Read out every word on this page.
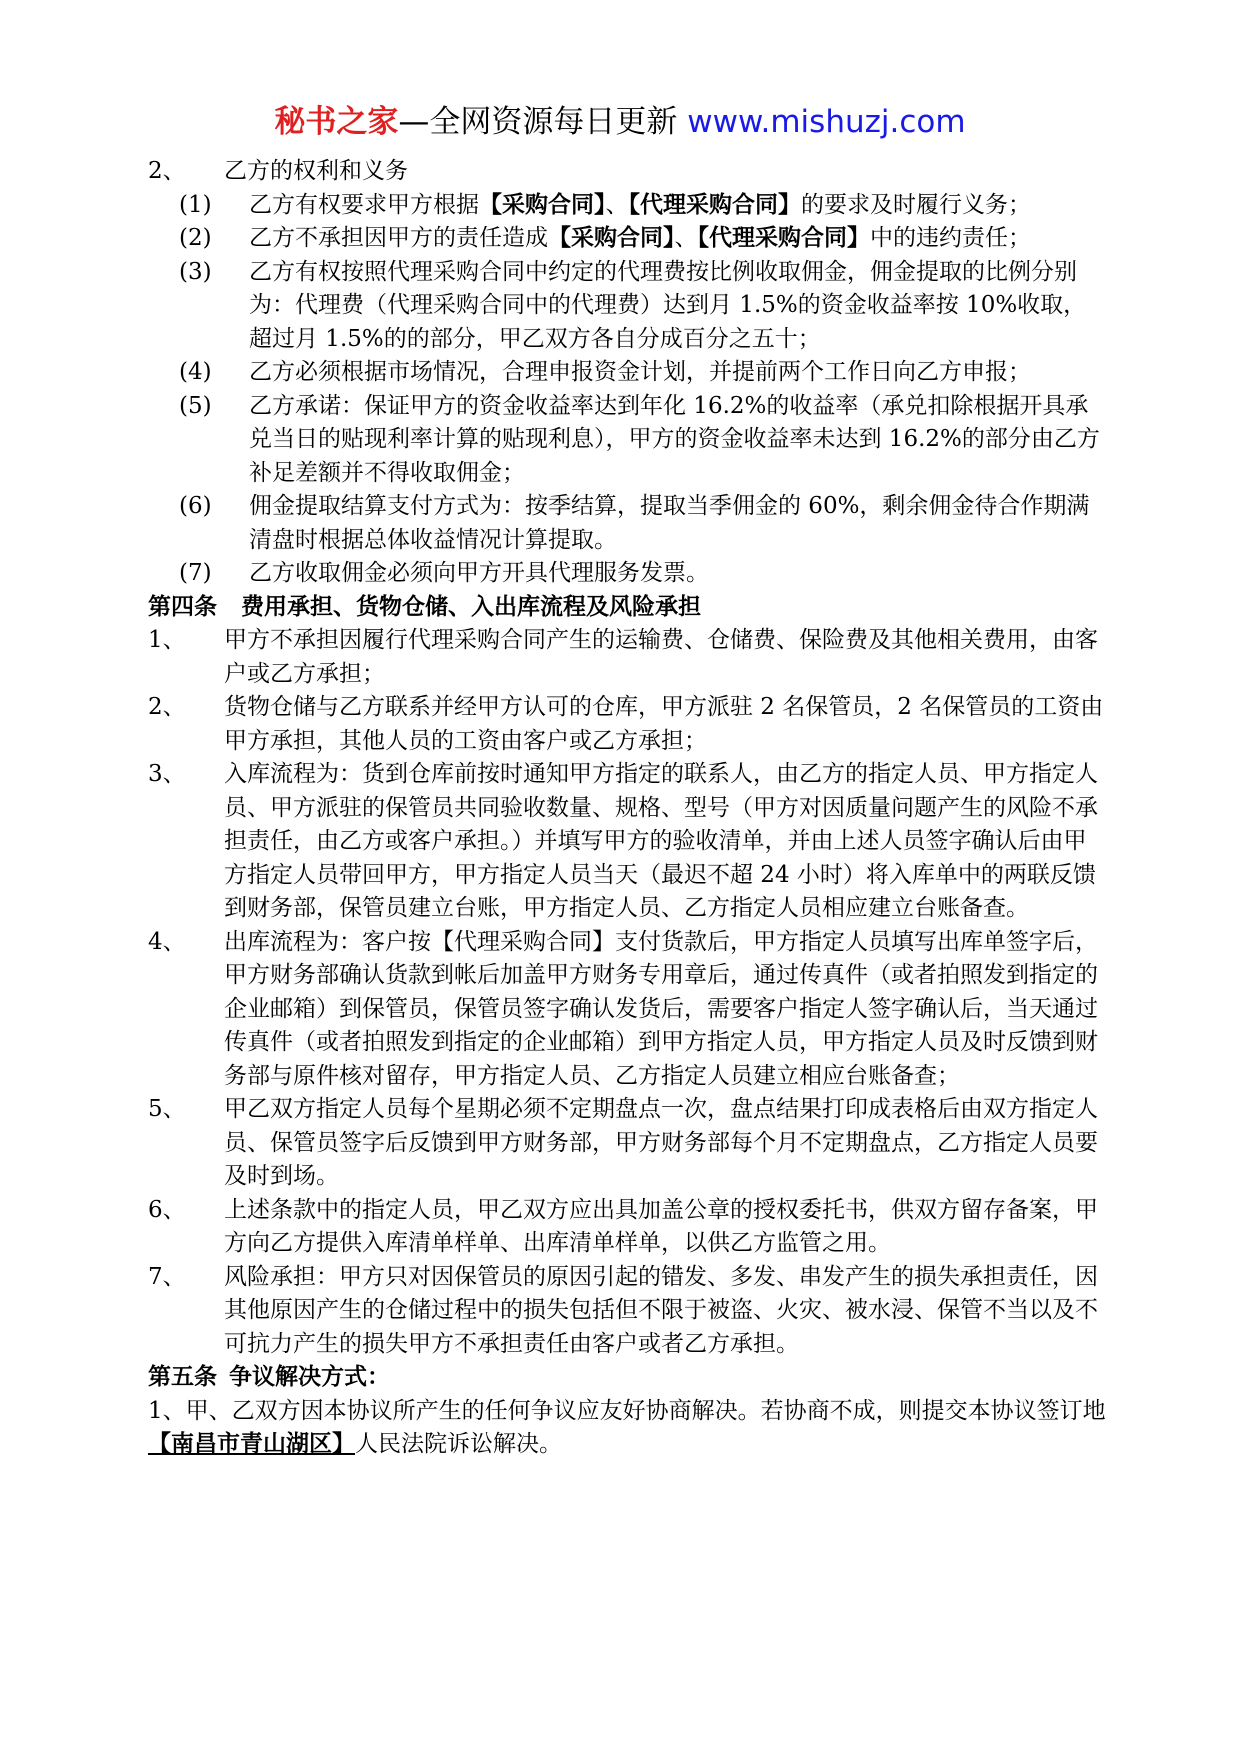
秘书之家—全网资源每日更新 www.mishuzj.com
2、	乙方的权利和义务
(1)	乙方有权要求甲方根据【采购合同】、【代理采购合同】的要求及时履行义务；
(2)	乙方不承担因甲方的责任造成【采购合同】、【代理采购合同】中的违约责任；
(3)	乙方有权按照代理采购合同中约定的代理费按比例收取佣金，佣金提取的比例分别为：代理费（代理采购合同中的代理费）达到月 1.5%的资金收益率按 10%收取，超过月 1.5%的的部分，甲乙双方各自分成百分之五十；
(4)	乙方必须根据市场情况，合理申报资金计划，并提前两个工作日向乙方申报；
(5)	乙方承诺：保证甲方的资金收益率达到年化 16.2%的收益率（承兑扣除根据开具承兑当日的贴现利率计算的贴现利息），甲方的资金收益率未达到 16.2%的部分由乙方补足差额并不得收取佣金；
(6)	佣金提取结算支付方式为：按季结算，提取当季佣金的 60%，剩余佣金待合作期满清盘时根据总体收益情况计算提取。
(7)	乙方收取佣金必须向甲方开具代理服务发票。
第四条 费用承担、货物仓储、入出库流程及风险承担
1、	甲方不承担因履行代理采购合同产生的运输费、仓储费、保险费及其他相关费用，由客户或乙方承担；
2、	货物仓储与乙方联系并经甲方认可的仓库，甲方派驻 2 名保管员，2 名保管员的工资由甲方承担，其他人员的工资由客户或乙方承担；
3、	入库流程为：货到仓库前按时通知甲方指定的联系人，由乙方的指定人员、甲方指定人员、甲方派驻的保管员共同验收数量、规格、型号（甲方对因质量问题产生的风险不承担责任，由乙方或客户承担。）并填写甲方的验收清单，并由上述人员签字确认后由甲方指定人员带回甲方，甲方指定人员当天（最迟不超 24 小时）将入库单中的两联反馈到财务部，保管员建立台账，甲方指定人员、乙方指定人员相应建立台账备查。
4、	出库流程为：客户按【代理采购合同】支付货款后，甲方指定人员填写出库单签字后，甲方财务部确认货款到帐后加盖甲方财务专用章后，通过传真件（或者拍照发到指定的企业邮箱）到保管员，保管员签字确认发货后，需要客户指定人签字确认后，当天通过传真件（或者拍照发到指定的企业邮箱）到甲方指定人员，甲方指定人员及时反馈到财务部与原件核对留存，甲方指定人员、乙方指定人员建立相应台账备查；
5、	甲乙双方指定人员每个星期必须不定期盘点一次，盘点结果打印成表格后由双方指定人员、保管员签字后反馈到甲方财务部，甲方财务部每个月不定期盘点，乙方指定人员要及时到场。
6、	上述条款中的指定人员，甲乙双方应出具加盖公章的授权委托书，供双方留存备案，甲方向乙方提供入库清单样单、出库清单样单，以供乙方监管之用。
7、	风险承担：甲方只对因保管员的原因引起的错发、多发、串发产生的损失承担责任，因其他原因产生的仓储过程中的损失包括但不限于被盗、火灾、被水浸、保管不当以及不可抗力产生的损失甲方不承担责任由客户或者乙方承担。
第五条 争议解决方式：
1、甲、乙双方因本协议所产生的任何争议应友好协商解决。若协商不成，则提交本协议签订地【南昌市青山湖区】人民法院诉讼解决。
